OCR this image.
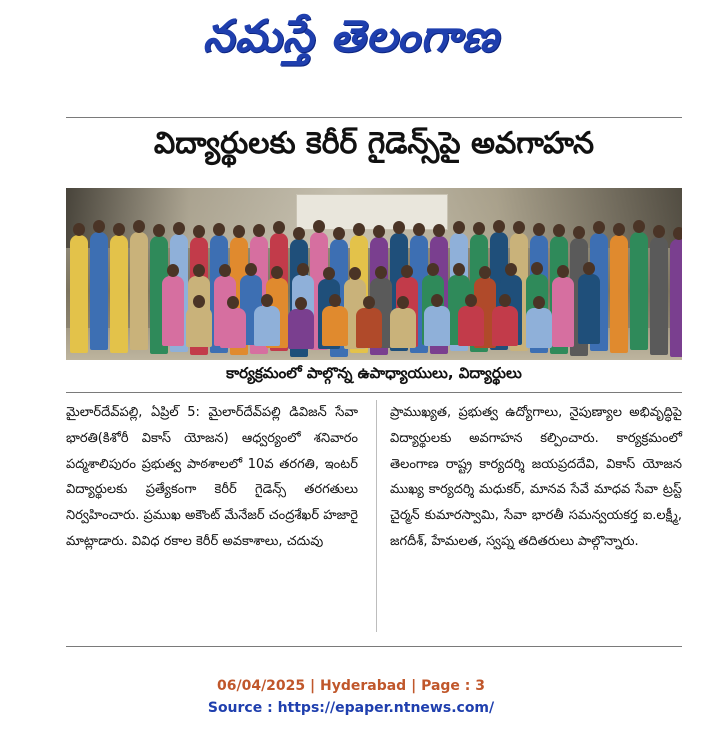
నమస్తే తెలంగాణ
విద్యార్థులకు కెరీర్ గైడెన్స్‌పై అవగాహన
కార్యక్రమంలో పాల్గొన్న ఉపాధ్యాయులు, విద్యార్థులు

మైలార్‌దేవ్‌పల్లి, ఏప్రిల్ 5: మైలార్‌దేవ్‌పల్లి డివిజన్ సేవా భారతి(కిశోరీ వికాస్ యోజన) ఆధ్వర్యంలో శనివారం పద్మశాలిపురం ప్రభుత్వ పాఠశాలలో 10వ తరగతి, ఇంటర్ విద్యార్థులకు ప్రత్యేకంగా కెరీర్ గైడెన్స్ తరగతులు నిర్వహించారు. ప్రముఖ అకౌంట్ మేనేజర్ చంద్రశేఖర్ హజారై మాట్లాడారు. వివిధ రకాల కెరీర్ అవకాశాలు, చదువు

ప్రాముఖ్యత, ప్రభుత్వ ఉద్యోగాలు, నైపుణ్యాల అభివృద్ధిపై విద్యార్థులకు అవగాహన కల్పించారు. కార్యక్రమంలో తెలంగాణ రాష్ట్ర కార్యదర్శి జయప్రదదేవి, వికాస్ యోజన ముఖ్య కార్యదర్శి మధుకర్, మానవ సేవే మాధవ సేవా ట్రస్ట్ చైర్మన్ కుమారస్వామి, సేవా భారతీ సమన్వయకర్త ఐ.లక్ష్మీ, జగదీశ్, హేమలత, స్వప్న తదితరులు పాల్గొన్నారు.

06/04/2025 | Hyderabad | Page : 3
Source : https://epaper.ntnews.com/
